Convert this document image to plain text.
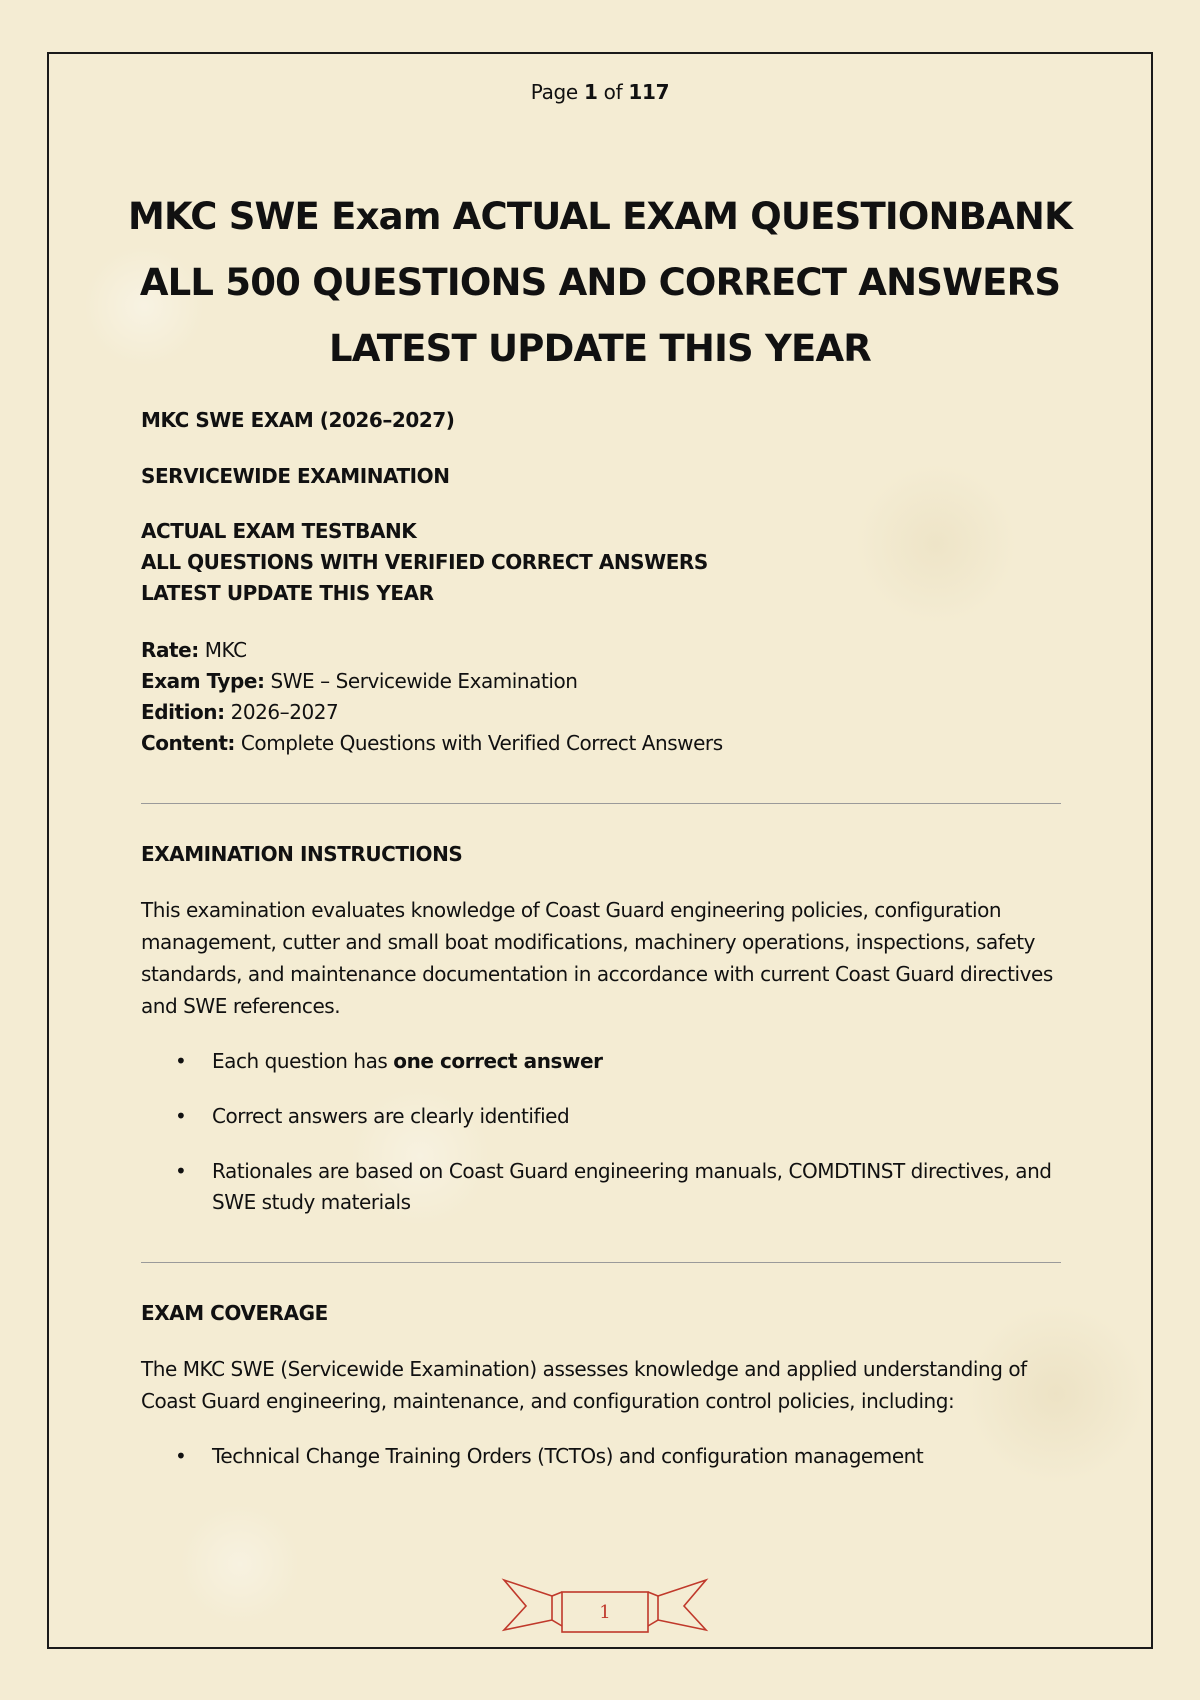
Page 1 of 117
MKC SWE Exam ACTUAL EXAM QUESTIONBANK
ALL 500 QUESTIONS AND CORRECT ANSWERS
LATEST UPDATE THIS YEAR

MKC SWE EXAM (2026–2027)

SERVICEWIDE EXAMINATION

ACTUAL EXAM TESTBANK
ALL QUESTIONS WITH VERIFIED CORRECT ANSWERS
LATEST UPDATE THIS YEAR
Rate: MKC
Exam Type: SWE – Servicewide Examination
Edition: 2026–2027
Content: Complete Questions with Verified Correct Answers

EXAMINATION INSTRUCTIONS

This examination evaluates knowledge of Coast Guard engineering policies, configuration management, cutter and small boat modifications, machinery operations, inspections, safety standards, and maintenance documentation in accordance with current Coast Guard directives and SWE references.

• Each question has one correct answer
• Correct answers are clearly identified
• Rationales are based on Coast Guard engineering manuals, COMDTINST directives, and SWE study materials

EXAM COVERAGE

The MKC SWE (Servicewide Examination) assesses knowledge and applied understanding of Coast Guard engineering, maintenance, and configuration control policies, including:

• Technical Change Training Orders (TCTOs) and configuration management
1
